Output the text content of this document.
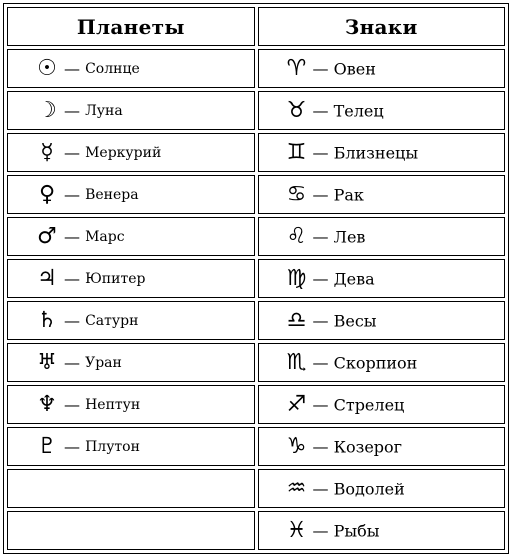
Планеты	Знаки
☉ — Солнце	♈ — Овен
☽ — Луна	♉ — Телец
☿ — Меркурий	♊ — Близнецы
♀ — Венера	♋ — Рак
♂ — Марс	♌ — Лев
♃ — Юпитер	♍ — Дева
♄ — Сатурн	♎ — Весы
♅ — Уран	♏ — Скорпион
♆ — Нептун	♐ — Стрелец
♇ — Плутон	♑ — Козерог
	♒ — Водолей
	♓ — Рыбы
